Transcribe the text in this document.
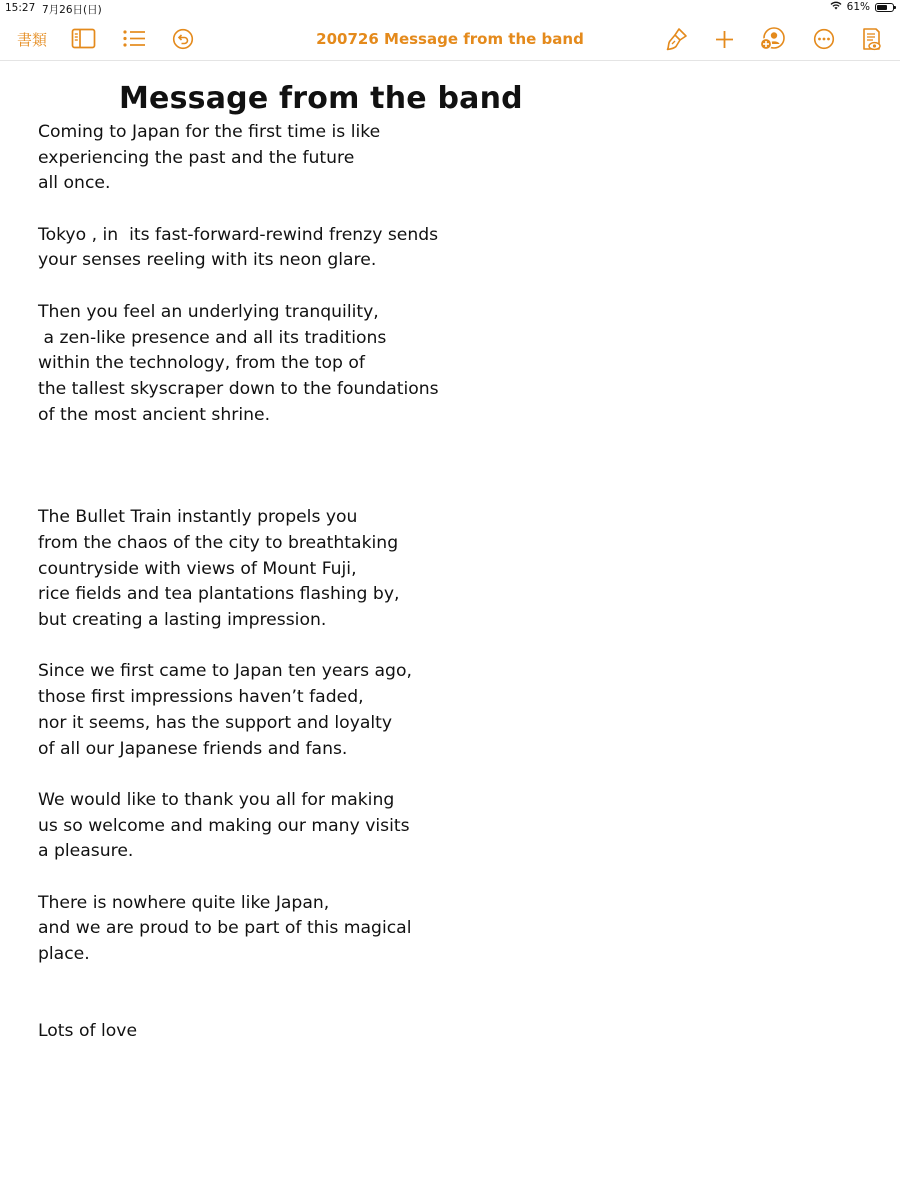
15:27 7月26日(日)	61%
書類	200726 Message from the band
Message from the band
Coming to Japan for the first time is like
experiencing the past and the future
all once.
Tokyo , in  its fast-forward-rewind frenzy sends
your senses reeling with its neon glare.
Then you feel an underlying tranquility,
a zen-like presence and all its traditions
within the technology, from the top of
the tallest skyscraper down to the foundations
of the most ancient shrine.
The Bullet Train instantly propels you
from the chaos of the city to breathtaking
countryside with views of Mount Fuji,
rice fields and tea plantations flashing by,
but creating a lasting impression.
Since we first came to Japan ten years ago,
those first impressions haven’t faded,
nor it seems, has the support and loyalty
of all our Japanese friends and fans.
We would like to thank you all for making
us so welcome and making our many visits
a pleasure.
There is nowhere quite like Japan,
and we are proud to be part of this magical
place.
Lots of love
